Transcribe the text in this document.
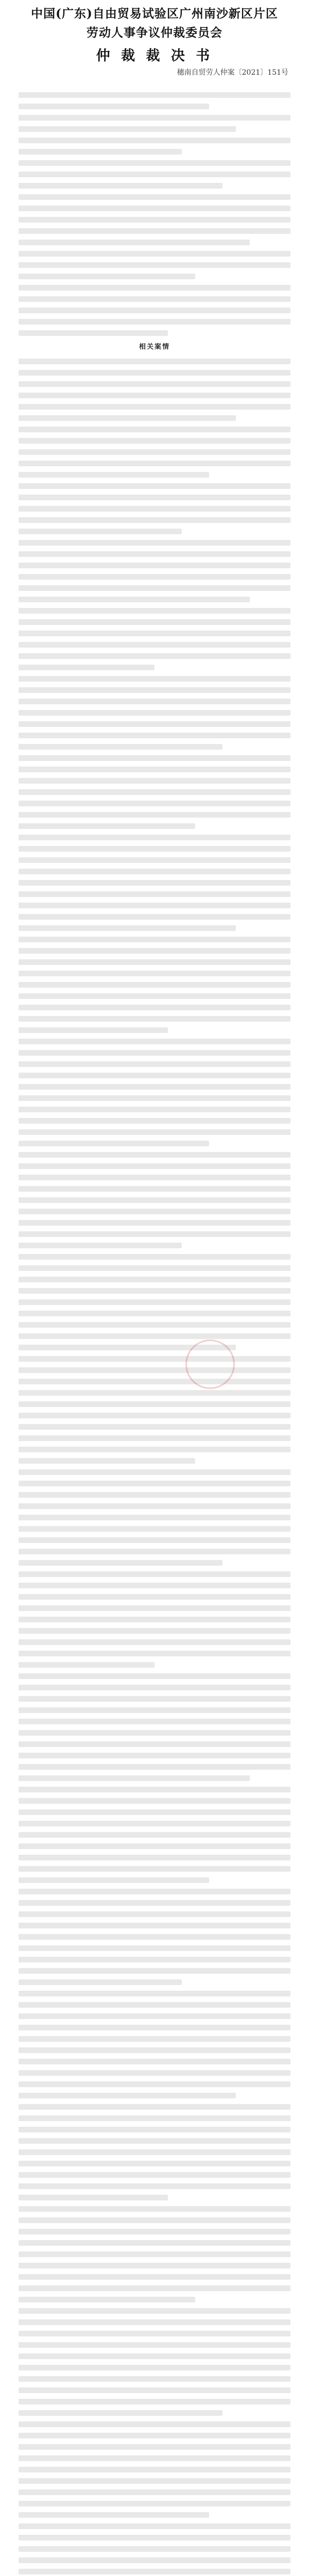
中国(广东)自由贸易试验区广州南沙新区片区
劳动人事争议仲裁委员会
仲 裁 裁 决 书
穗南自贸劳人仲案〔2021〕151号
相关案情
